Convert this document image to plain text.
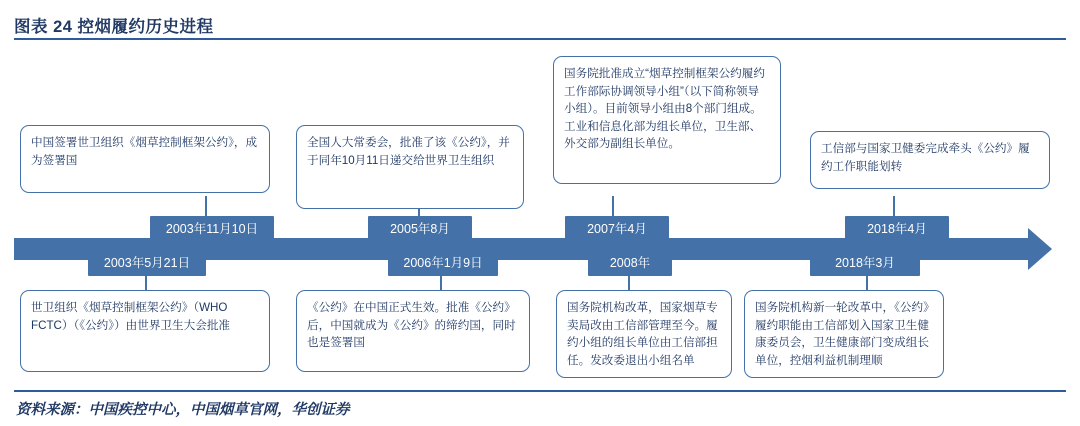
图表 24 控烟履约历史进程
中国签署世卫组织《烟草控制框架公约》，成为签署国
全国人大常委会，批准了该《公约》，并于同年10月11日递交给世界卫生组织
国务院批准成立“烟草控制框架公约履约工作部际协调领导小组”（以下简称领导小组）。目前领导小组由8个部门组成。工业和信息化部为组长单位，卫生部、外交部为副组长单位。	工信部与国家卫健委完成牵头《公约》履约工作职能划转
2003年11月10日	2005年8月	2007年4月	2018年4月
2003年5月21日	2006年1月9日	2008年	2018年3月
世卫组织《烟草控制框架公约》（WHO FCTC）（《公约》）由世界卫生大会批准
《公约》在中国正式生效。批准《公约》后，中国就成为《公约》的缔约国，同时也是签署国
国务院机构改革，国家烟草专卖局改由工信部管理至今。履约小组的组长单位由工信部担任。发改委退出小组名单
国务院机构新一轮改革中，《公约》履约职能由工信部划入国家卫生健康委员会，卫生健康部门变成组长单位，控烟利益机制理顺
资料来源：中国疾控中心，中国烟草官网，华创证券
